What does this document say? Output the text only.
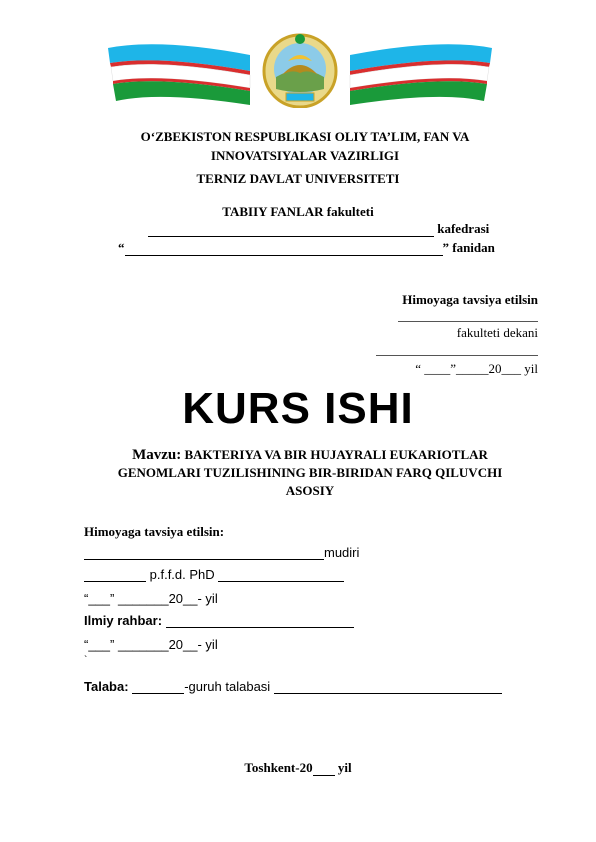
O‘ZBEKISTON RESPUBLIKASI OLIY TA’LIM, FAN VA INNOVATSIYALAR VAZIRLIGI
TERNIZ DAVLAT UNIVERSITETI
TABIIY FANLAR fakulteti
kafedrasi
“	” fanidan
Himoyaga tavsiya etilsin
fakulteti dekani
“ ____”_____20___ yil
KURS ISHI
Mavzu: BAKTERIYA VA BIR HUJAYRALI EUKARIOTLAR GENOMLARI TUZILISHINING BIR-BIRIDAN FARQ QILUVCHI ASOSIY
Himoyaga tavsiya etilsin:
mudiri
p.f.f.d. PhD
“___” _______20__- yil
Ilmiy rahbar:
“___” _______20__- yil
`
Talaba:	-guruh talabasi
Toshkent-20 yil
